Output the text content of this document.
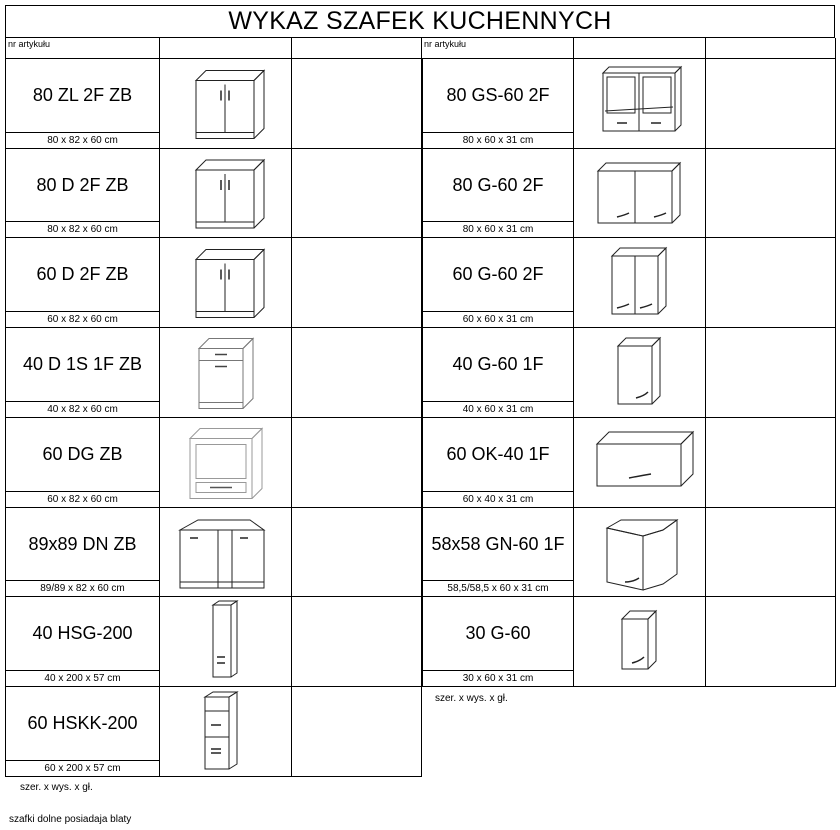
WYKAZ SZAFEK KUCHENNYCH
nr artykułu	nr artykułu
80 ZL 2F ZB
80 x 82 x 60 cm
80 D 2F ZB
80 x 82 x 60 cm
60 D 2F ZB
60 x 82 x 60 cm
40 D 1S 1F ZB
40 x 82 x 60 cm
60 DG ZB
60 x 82 x 60 cm
89x89 DN ZB
89/89 x 82 x 60 cm
40 HSG-200
40 x 200 x 57 cm
60 HSKK-200
60 x 200 x 57 cm
80 GS-60 2F
80 x 60 x 31 cm
80 G-60 2F
80 x 60 x 31 cm
60 G-60 2F
60 x 60 x 31 cm
40 G-60 1F
40 x 60 x 31 cm
60 OK-40 1F
60 x 40 x 31 cm
58x58 GN-60 1F
58,5/58,5 x 60 x 31 cm
30 G-60
30 x 60 x 31 cm
szer. x wys. x gł.
szer. x wys. x gł.
szafki dolne posiadaja blaty
